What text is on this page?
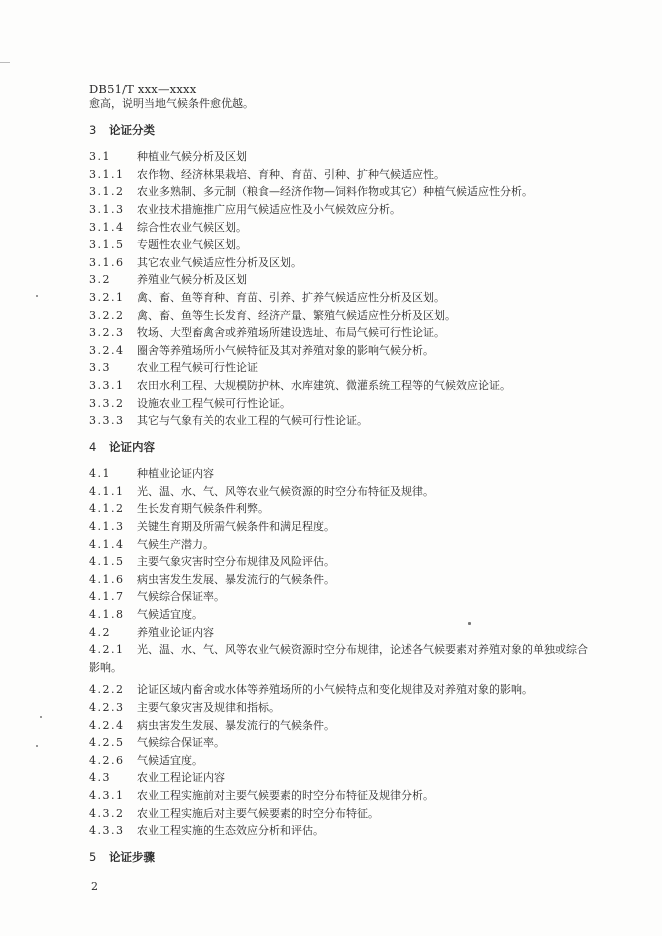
DB51/T xxx—xxxx
愈高，说明当地气候条件愈优越。
3 论证分类
3.1 种植业气候分析及区划
3.1.1 农作物、经济林果栽培、育种、育苗、引种、扩种气候适应性。
3.1.2 农业多熟制、多元制（粮食—经济作物—饲料作物或其它）种植气候适应性分析。
3.1.3 农业技术措施推广应用气候适应性及小气候效应分析。
3.1.4 综合性农业气候区划。
3.1.5 专题性农业气候区划。
3.1.6 其它农业气候适应性分析及区划。
3.2 养殖业气候分析及区划
3.2.1 禽、畜、鱼等育种、育苗、引养、扩养气候适应性分析及区划。
3.2.2 禽、畜、鱼等生长发育、经济产量、繁殖气候适应性分析及区划。
3.2.3 牧场、大型畜禽舍或养殖场所建设选址、布局气候可行性论证。
3.2.4 圈舍等养殖场所小气候特征及其对养殖对象的影响气候分析。
3.3 农业工程气候可行性论证
3.3.1 农田水利工程、大规模防护林、水库建筑、微灌系统工程等的气候效应论证。
3.3.2 设施农业工程气候可行性论证。
3.3.3 其它与气象有关的农业工程的气候可行性论证。
4 论证内容
4.1 种植业论证内容
4.1.1 光、温、水、气、风等农业气候资源的时空分布特征及规律。
4.1.2 生长发育期气候条件利弊。
4.1.3 关键生育期及所需气候条件和满足程度。
4.1.4 气候生产潜力。
4.1.5 主要气象灾害时空分布规律及风险评估。
4.1.6 病虫害发生发展、暴发流行的气候条件。
4.1.7 气候综合保证率。
4.1.8 气候适宜度。
4.2 养殖业论证内容
4.2.1 光、温、水、气、风等农业气候资源时空分布规律，论述各气候要素对养殖对象的单独或综合
影响。
4.2.2 论证区域内畜舍或水体等养殖场所的小气候特点和变化规律及对养殖对象的影响。
4.2.3 主要气象灾害及规律和指标。
4.2.4 病虫害发生发展、暴发流行的气候条件。
4.2.5 气候综合保证率。
4.2.6 气候适宜度。
4.3 农业工程论证内容
4.3.1 农业工程实施前对主要气候要素的时空分布特征及规律分析。
4.3.2 农业工程实施后对主要气候要素的时空分布特征。
4.3.3 农业工程实施的生态效应分析和评估。
5 论证步骤
2
